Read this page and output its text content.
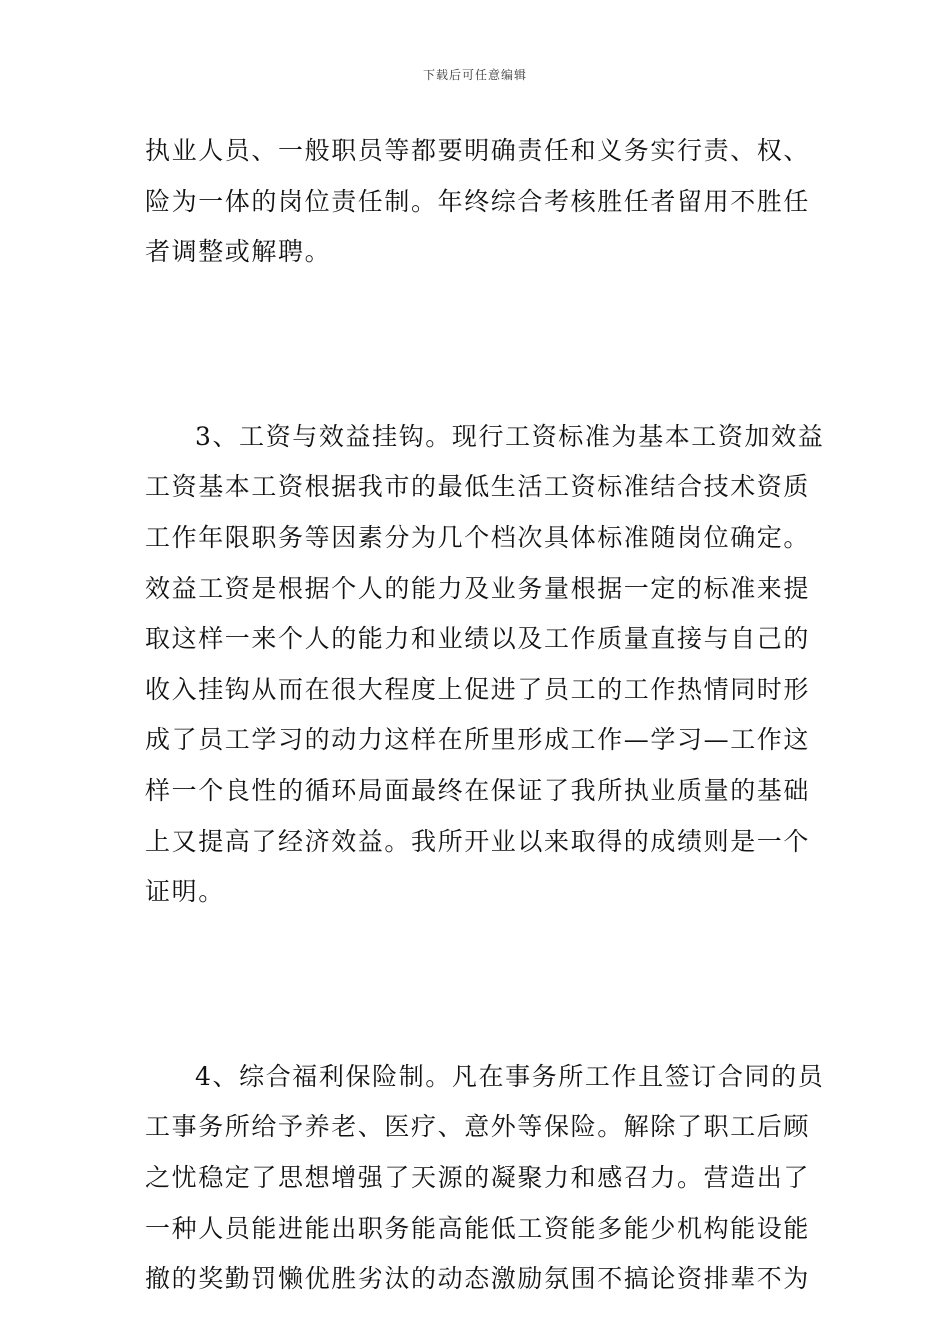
下载后可任意编辑
执业人员、一般职员等都要明确责任和义务实行责、权、
险为一体的岗位责任制。年终综合考核胜任者留用不胜任
者调整或解聘。
3、工资与效益挂钩。现行工资标准为基本工资加效益
工资基本工资根据我市的最低生活工资标准结合技术资质
工作年限职务等因素分为几个档次具体标准随岗位确定。
效益工资是根据个人的能力及业务量根据一定的标准来提
取这样一来个人的能力和业绩以及工作质量直接与自己的
收入挂钩从而在很大程度上促进了员工的工作热情同时形
成了员工学习的动力这样在所里形成工作—学习—工作这
样一个良性的循环局面最终在保证了我所执业质量的基础
上又提高了经济效益。我所开业以来取得的成绩则是一个
证明。
4、综合福利保险制。凡在事务所工作且签订合同的员
工事务所给予养老、医疗、意外等保险。解除了职工后顾
之忧稳定了思想增强了天源的凝聚力和感召力。营造出了
一种人员能进能出职务能高能低工资能多能少机构能设能
撤的奖勤罚懒优胜劣汰的动态激励氛围不搞论资排辈不为
